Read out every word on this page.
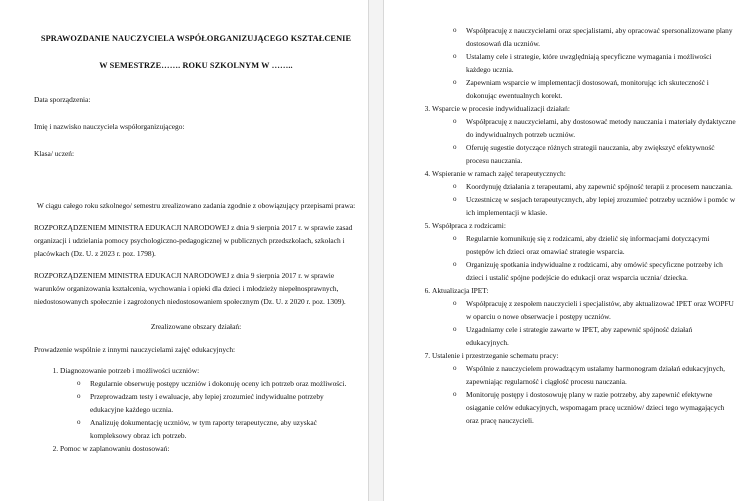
SPRAWOZDANIE NAUCZYCIELA WSPÓŁORGANIZUJĄCEGO KSZTAŁCENIE
W SEMESTRZE……. ROKU SZKOLNYM W ……..

Data sporządzenia:

Imię i nazwisko nauczyciela współorganizującego:

Klasa/ uczeń:

W ciągu całego roku szkolnego/ semestru zrealizowano zadania zgodnie z obowiązujący przepisami prawa:

ROZPORZĄDZENIEM MINISTRA EDUKACJI NARODOWEJ z dnia 9 sierpnia 2017 r. w sprawie zasad organizacji i udzielania pomocy psychologiczno-pedagogicznej w publicznych przedszkolach, szkołach i placówkach (Dz. U. z 2023 r. poz. 1798).

ROZPORZĄDZENIEM MINISTRA EDUKACJI NARODOWEJ z dnia 9 sierpnia 2017 r. w sprawie warunków organizowania kształcenia, wychowania i opieki dla dzieci i młodzieży niepełnosprawnych, niedostosowanych społecznie i zagrożonych niedostosowaniem społecznym (Dz. U. z 2020 r. poz. 1309).

Zrealizowane obszary działań:

Prowadzenie wspólnie z innymi nauczycielami zajęć edukacyjnych:

1. Diagnozowanie potrzeb i możliwości uczniów:
o Regularnie obserwuję postępy uczniów i dokonuję oceny ich potrzeb oraz możliwości.
o Przeprowadzam testy i ewaluacje, aby lepiej zrozumieć indywidualne potrzeby edukacyjne każdego ucznia.
o Analizuję dokumentację uczniów, w tym raporty terapeutyczne, aby uzyskać kompleksowy obraz ich potrzeb.
2. Pomoc w zaplanowaniu dostosowań:
o Współpracuję z nauczycielami oraz specjalistami, aby opracować spersonalizowane plany dostosowań dla uczniów.
o Ustalamy cele i strategie, które uwzględniają specyficzne wymagania i możliwości każdego ucznia.
o Zapewniam wsparcie w implementacji dostosowań, monitorując ich skuteczność i dokonując ewentualnych korekt.
3. Wsparcie w procesie indywidualizacji działań:
o Współpracuję z nauczycielami, aby dostosować metody nauczania i materiały dydaktyczne do indywidualnych potrzeb uczniów.
o Oferuję sugestie dotyczące różnych strategii nauczania, aby zwiększyć efektywność procesu nauczania.
4. Wspieranie w ramach zajęć terapeutycznych:
o Koordynuję działania z terapeutami, aby zapewnić spójność terapii z procesem nauczania.
o Uczestniczę w sesjach terapeutycznych, aby lepiej zrozumieć potrzeby uczniów i pomóc w ich implementacji w klasie.
5. Współpraca z rodzicami:
o Regularnie komunikuję się z rodzicami, aby dzielić się informacjami dotyczącymi postępów ich dzieci oraz omawiać strategie wsparcia.
o Organizuję spotkania indywidualne z rodzicami, aby omówić specyficzne potrzeby ich dzieci i ustalić spójne podejście do edukacji oraz wsparcia ucznia/ dziecka.
6. Aktualizacja IPET:
o Współpracuję z zespołem nauczycieli i specjalistów, aby aktualizować IPET oraz WOPFU w oparciu o nowe obserwacje i postępy uczniów.
o Uzgadniamy cele i strategie zawarte w IPET, aby zapewnić spójność działań edukacyjnych.
7. Ustalenie i przestrzeganie schematu pracy:
o Wspólnie z nauczycielem prowadzącym ustalamy harmonogram działań edukacyjnych, zapewniając regularność i ciągłość procesu nauczania.
o Monitoruję postępy i dostosowuję plany w razie potrzeby, aby zapewnić efektywne osiąganie celów edukacyjnych, wspomagam pracę uczniów/ dzieci tego wymagających oraz pracę nauczycieli.
